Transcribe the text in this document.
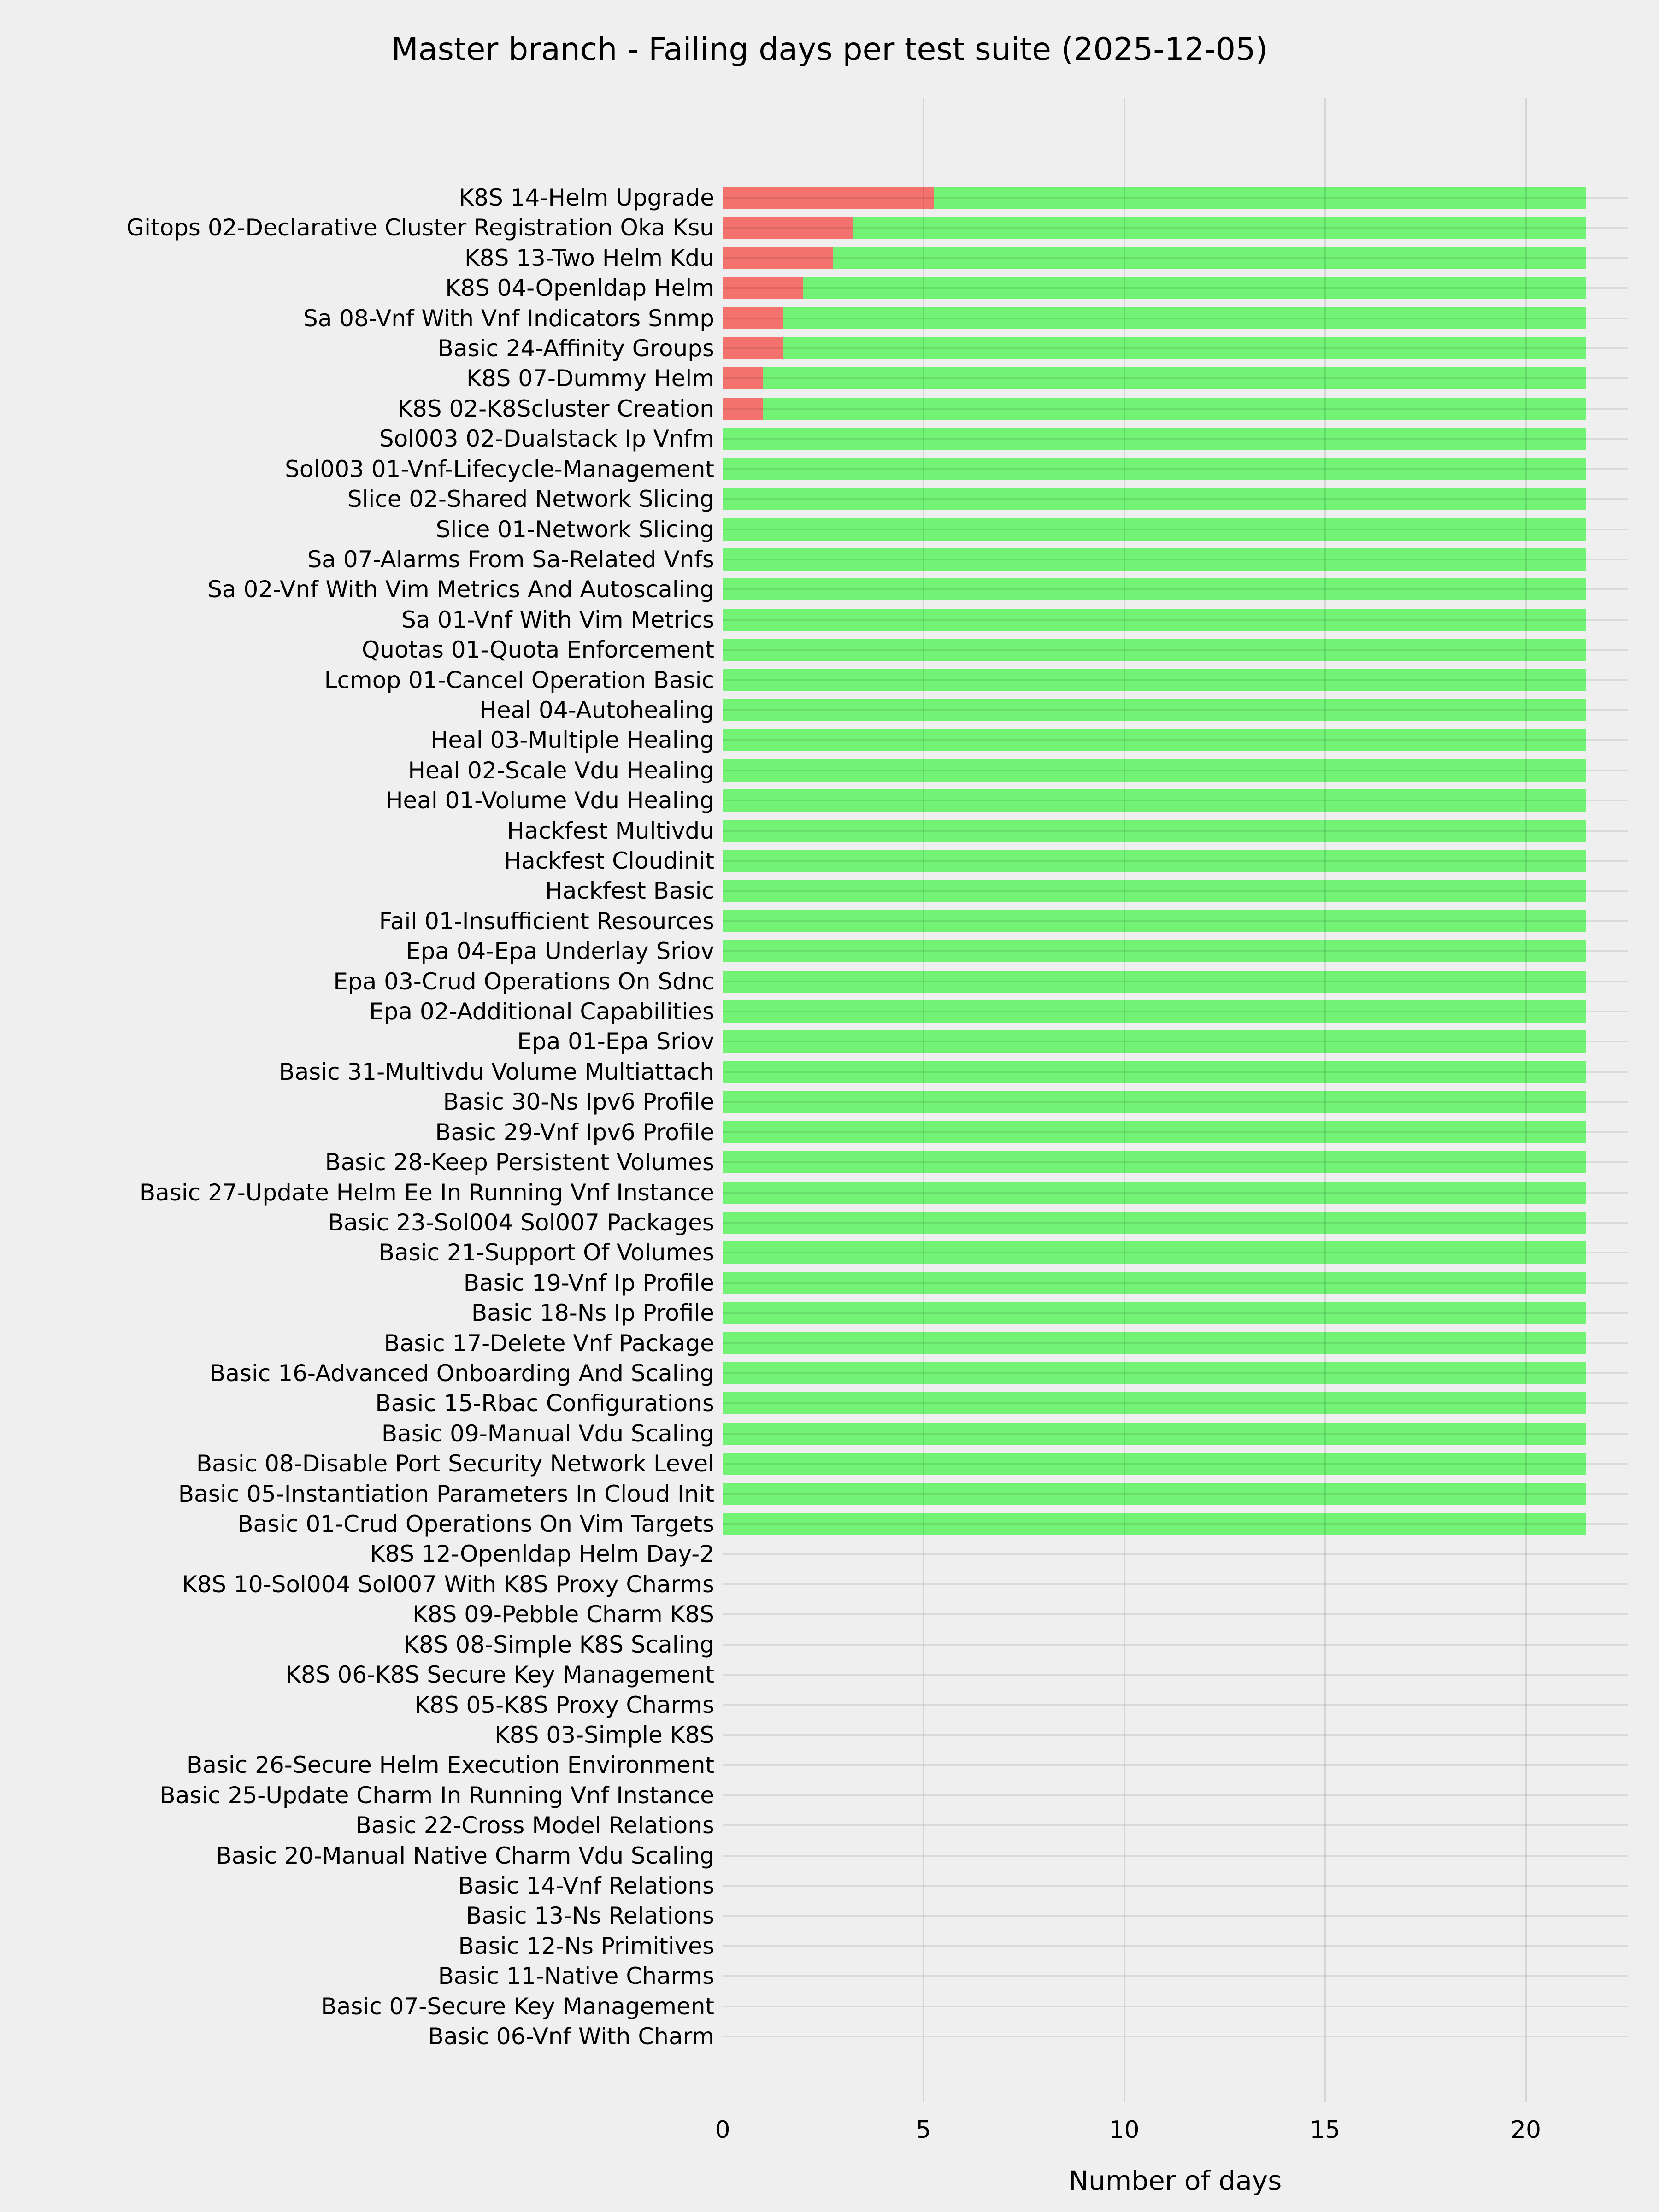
Master branch - Failing days per test suite (2025-12-05)
K8S 14-Helm Upgrade
Gitops 02-Declarative Cluster Registration Oka Ksu
K8S 13-Two Helm Kdu
K8S 04-Openldap Helm
Sa 08-Vnf With Vnf Indicators Snmp
Basic 24-Affinity Groups
K8S 07-Dummy Helm
K8S 02-K8Scluster Creation
Sol003 02-Dualstack Ip Vnfm
Sol003 01-Vnf-Lifecycle-Management
Slice 02-Shared Network Slicing
Slice 01-Network Slicing
Sa 07-Alarms From Sa-Related Vnfs
Sa 02-Vnf With Vim Metrics And Autoscaling
Sa 01-Vnf With Vim Metrics
Quotas 01-Quota Enforcement
Lcmop 01-Cancel Operation Basic
Heal 04-Autohealing
Heal 03-Multiple Healing
Heal 02-Scale Vdu Healing
Heal 01-Volume Vdu Healing
Hackfest Multivdu
Hackfest Cloudinit
Hackfest Basic
Fail 01-Insufficient Resources
Epa 04-Epa Underlay Sriov
Epa 03-Crud Operations On Sdnc
Epa 02-Additional Capabilities
Epa 01-Epa Sriov
Basic 31-Multivdu Volume Multiattach
Basic 30-Ns Ipv6 Profile
Basic 29-Vnf Ipv6 Profile
Basic 28-Keep Persistent Volumes
Basic 27-Update Helm Ee In Running Vnf Instance
Basic 23-Sol004 Sol007 Packages
Basic 21-Support Of Volumes
Basic 19-Vnf Ip Profile
Basic 18-Ns Ip Profile
Basic 17-Delete Vnf Package
Basic 16-Advanced Onboarding And Scaling
Basic 15-Rbac Configurations
Basic 09-Manual Vdu Scaling
Basic 08-Disable Port Security Network Level
Basic 05-Instantiation Parameters In Cloud Init
Basic 01-Crud Operations On Vim Targets
K8S 12-Openldap Helm Day-2
K8S 10-Sol004 Sol007 With K8S Proxy Charms
K8S 09-Pebble Charm K8S
K8S 08-Simple K8S Scaling
K8S 06-K8S Secure Key Management
K8S 05-K8S Proxy Charms
K8S 03-Simple K8S
Basic 26-Secure Helm Execution Environment
Basic 25-Update Charm In Running Vnf Instance
Basic 22-Cross Model Relations
Basic 20-Manual Native Charm Vdu Scaling
Basic 14-Vnf Relations
Basic 13-Ns Relations
Basic 12-Ns Primitives
Basic 11-Native Charms
Basic 07-Secure Key Management
Basic 06-Vnf With Charm
0	5	10	15	20
Number of days
